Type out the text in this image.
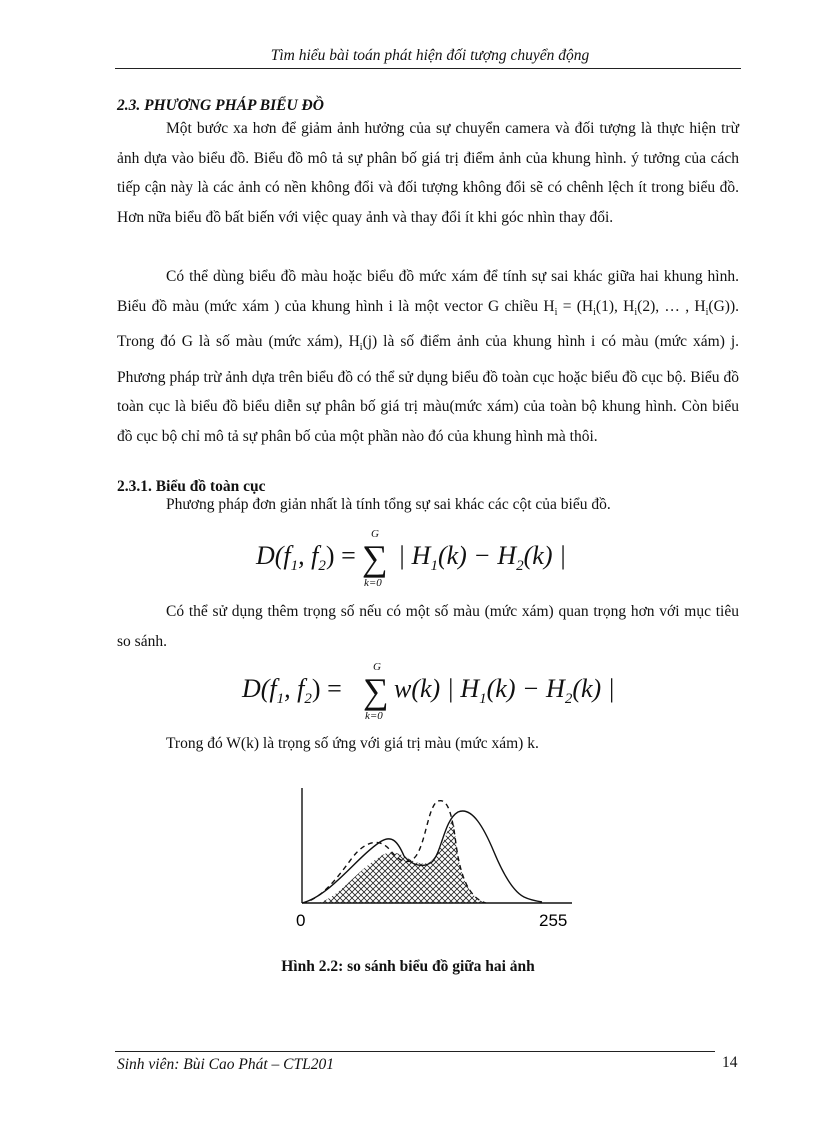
Tìm hiểu bài toán phát hiện đối tượng chuyển động
2.3. PHƯƠNG PHÁP BIỂU ĐỒ

Một bước xa hơn để giảm ảnh hưởng của sự chuyển camera và đối tượng là thực hiện trừ ảnh dựa vào biểu đồ. Biểu đồ mô tả sự phân bố giá trị điểm ảnh của khung hình. ý tưởng của cách tiếp cận này là các ảnh có nền không đổi và đối tượng không đổi sẽ có chênh lệch ít trong biểu đồ. Hơn nữa biểu đồ bất biến với việc quay ảnh và thay đổi ít khi góc nhìn thay đổi.

Có thể dùng biểu đồ màu hoặc biểu đồ mức xám để tính sự sai khác giữa hai khung hình. Biểu đồ màu (mức xám ) của khung hình i là một vector G chiều $H_i = (H_i(1)$, $H_i(2)$, … , $H_i(G)$). Trong đó G là số màu (mức xám), $H_i(j)$ là số điểm ảnh của khung hình i có màu (mức xám) j. Phương pháp trừ ảnh dựa trên biểu đồ có thể sử dụng biểu đồ toàn cục hoặc biểu đồ cục bộ. Biểu đồ toàn cục là biểu đồ biểu diễn sự phân bố giá trị màu(mức xám) của toàn bộ khung hình. Còn biểu đồ cục bộ chỉ mô tả sự phân bố của một phần nào đó của khung hình mà thôi.

2.3.1. Biểu đồ toàn cục
Phương pháp đơn giản nhất là tính tổng sự sai khác các cột của biểu đồ.
$D(f_1$, $f_2$) =
G
∑
k=0
| $H_1(k) - H_2(k)$ |

Có thể sử dụng thêm trọng số nếu có một số màu (mức xám) quan trọng hơn với mục tiêu so sánh.

$D(f_1$, $f_2$) =
G
∑
k=0
w(k) | $H_1(k) - H_2(k)$ |
Trong đó W(k) là trọng số ứng với giá trị màu (mức xám) k.
0	255
Hình 2.2: so sánh biểu đồ giữa hai ảnh
Sinh viên: Bùi Cao Phát – CTL201	14
